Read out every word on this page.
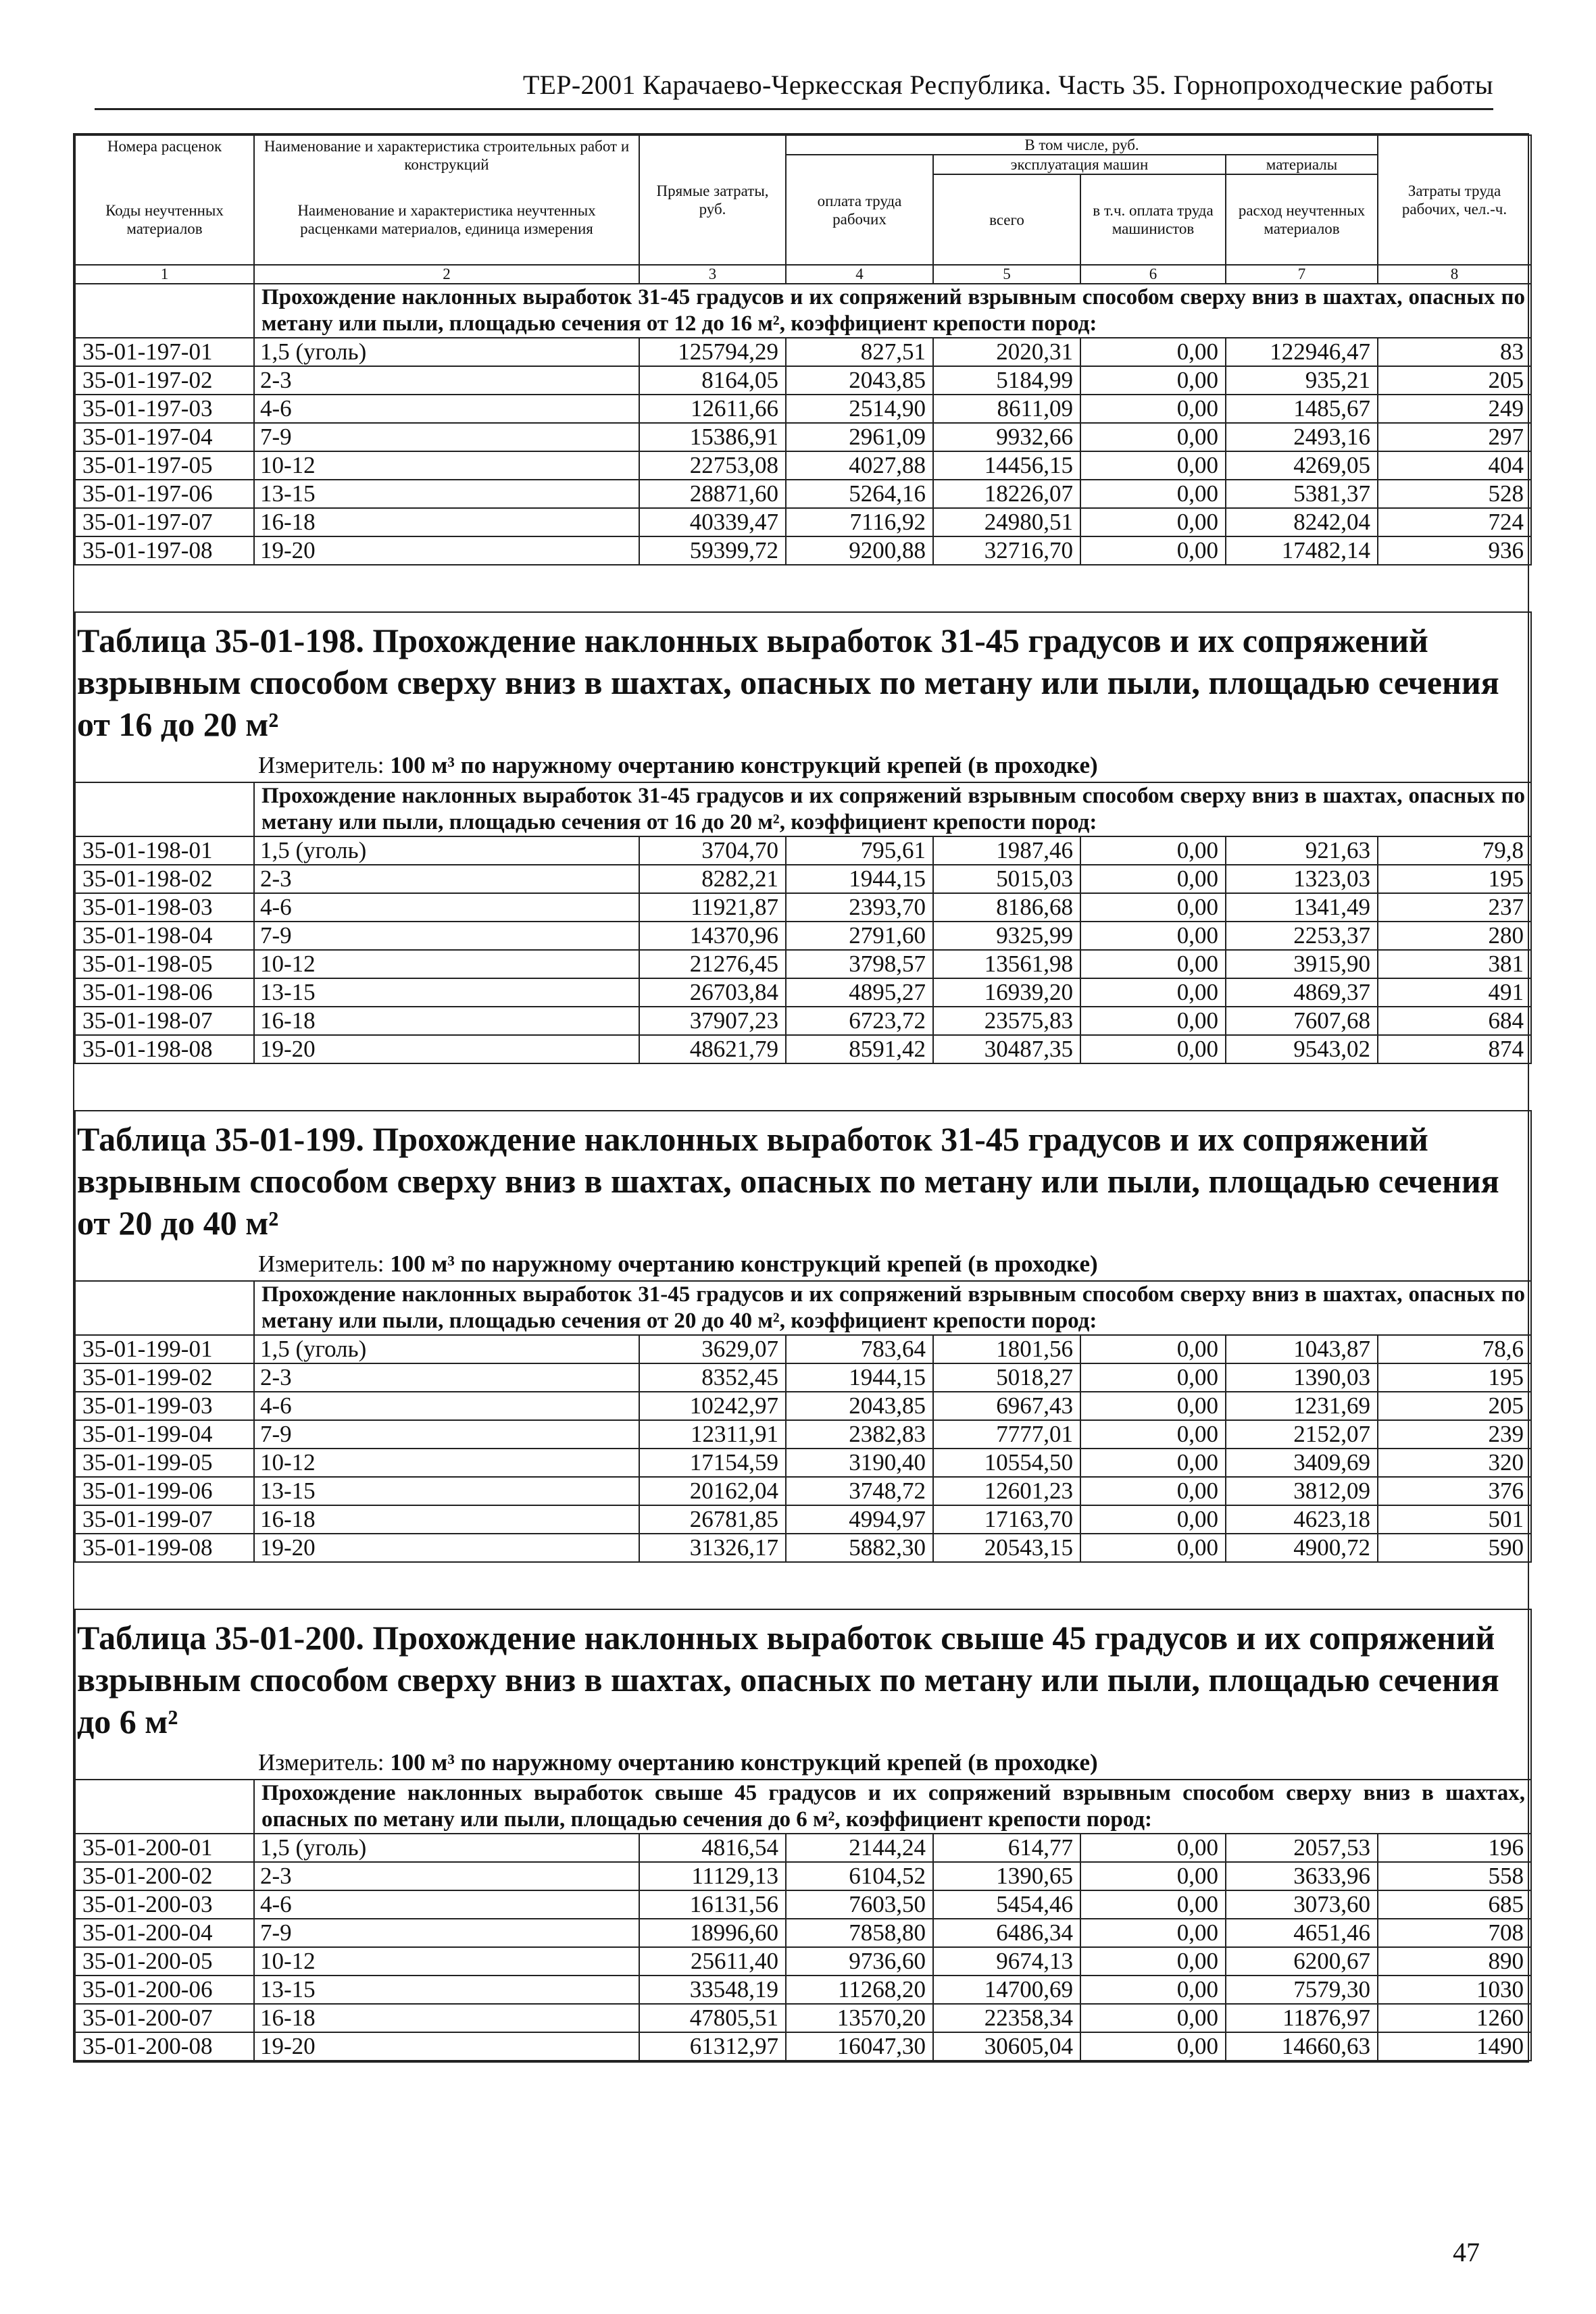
ТЕР-2001 Карачаево-Черкесская Республика. Часть 35. Горнопроходческие работы
Номера расценок	Наименование и характеристика строительных работ и конструкций	Прямые затраты, руб.	В том числе, руб.				Затраты труда рабочих, чел.-ч.
			оплата труда рабочих	эксплуатация машин		материалы	
Коды неучтенных материалов	Наименование и характеристика неучтенных расценками материалов, единица измерения			всего	в т.ч. оплата труда машинистов	расход неучтенных материалов	

1	2	3	4	5	6	7	8
	Прохождение наклонных выработок 31-45 градусов и их сопряжений взрывным способом сверху вниз в шахтах, опасных по метану или пыли, площадью сечения от 12 до 16 м², коэффициент крепости пород:						
35-01-197-01	1,5 (уголь)	125794,29	827,51	2020,31	0,00	122946,47	83
35-01-197-02	2-3	8164,05	2043,85	5184,99	0,00	935,21	205
35-01-197-03	4-6	12611,66	2514,90	8611,09	0,00	1485,67	249
35-01-197-04	7-9	15386,91	2961,09	9932,66	0,00	2493,16	297
35-01-197-05	10-12	22753,08	4027,88	14456,15	0,00	4269,05	404
35-01-197-06	13-15	28871,60	5264,16	18226,07	0,00	5381,37	528
35-01-197-07	16-18	40339,47	7116,92	24980,51	0,00	8242,04	724
35-01-197-08	19-20	59399,72	9200,88	32716,70	0,00	17482,14	936

Таблица 35-01-198. Прохождение наклонных выработок 31-45 градусов и их сопряжений взрывным способом сверху вниз в шахтах, опасных по метану или пыли, площадью сечения от 16 до 20 м²
Измеритель: 100 м³ по наружному очертанию конструкций крепей (в проходке)							

	Прохождение наклонных выработок 31-45 градусов и их сопряжений взрывным способом сверху вниз в шахтах, опасных по метану или пыли, площадью сечения от 16 до 20 м², коэффициент крепости пород:						
35-01-198-01	1,5 (уголь)	3704,70	795,61	1987,46	0,00	921,63	79,8
35-01-198-02	2-3	8282,21	1944,15	5015,03	0,00	1323,03	195
35-01-198-03	4-6	11921,87	2393,70	8186,68	0,00	1341,49	237
35-01-198-04	7-9	14370,96	2791,60	9325,99	0,00	2253,37	280
35-01-198-05	10-12	21276,45	3798,57	13561,98	0,00	3915,90	381
35-01-198-06	13-15	26703,84	4895,27	16939,20	0,00	4869,37	491
35-01-198-07	16-18	37907,23	6723,72	23575,83	0,00	7607,68	684
35-01-198-08	19-20	48621,79	8591,42	30487,35	0,00	9543,02	874

Таблица 35-01-199. Прохождение наклонных выработок 31-45 градусов и их сопряжений взрывным способом сверху вниз в шахтах, опасных по метану или пыли, площадью сечения от 20 до 40 м²
Измеритель: 100 м³ по наружному очертанию конструкций крепей (в проходке)							

	Прохождение наклонных выработок 31-45 градусов и их сопряжений взрывным способом сверху вниз в шахтах, опасных по метану или пыли, площадью сечения от 20 до 40 м², коэффициент крепости пород:						
35-01-199-01	1,5 (уголь)	3629,07	783,64	1801,56	0,00	1043,87	78,6
35-01-199-02	2-3	8352,45	1944,15	5018,27	0,00	1390,03	195
35-01-199-03	4-6	10242,97	2043,85	6967,43	0,00	1231,69	205
35-01-199-04	7-9	12311,91	2382,83	7777,01	0,00	2152,07	239
35-01-199-05	10-12	17154,59	3190,40	10554,50	0,00	3409,69	320
35-01-199-06	13-15	20162,04	3748,72	12601,23	0,00	3812,09	376
35-01-199-07	16-18	26781,85	4994,97	17163,70	0,00	4623,18	501
35-01-199-08	19-20	31326,17	5882,30	20543,15	0,00	4900,72	590

Таблица 35-01-200. Прохождение наклонных выработок свыше 45 градусов и их сопряжений взрывным способом сверху вниз в шахтах, опасных по метану или пыли, площадью сечения до 6 м²
Измеритель: 100 м³ по наружному очертанию конструкций крепей (в проходке)							

	Прохождение наклонных выработок свыше 45 градусов и их сопряжений взрывным способом сверху вниз в шахтах, опасных по метану или пыли, площадью сечения до 6 м², коэффициент крепости пород:						
35-01-200-01	1,5 (уголь)	4816,54	2144,24	614,77	0,00	2057,53	196
35-01-200-02	2-3	11129,13	6104,52	1390,65	0,00	3633,96	558
35-01-200-03	4-6	16131,56	7603,50	5454,46	0,00	3073,60	685
35-01-200-04	7-9	18996,60	7858,80	6486,34	0,00	4651,46	708
35-01-200-05	10-12	25611,40	9736,60	9674,13	0,00	6200,67	890
35-01-200-06	13-15	33548,19	11268,20	14700,69	0,00	7579,30	1030
35-01-200-07	16-18	47805,51	13570,20	22358,34	0,00	11876,97	1260
35-01-200-08	19-20	61312,97	16047,30	30605,04	0,00	14660,63	1490
47
